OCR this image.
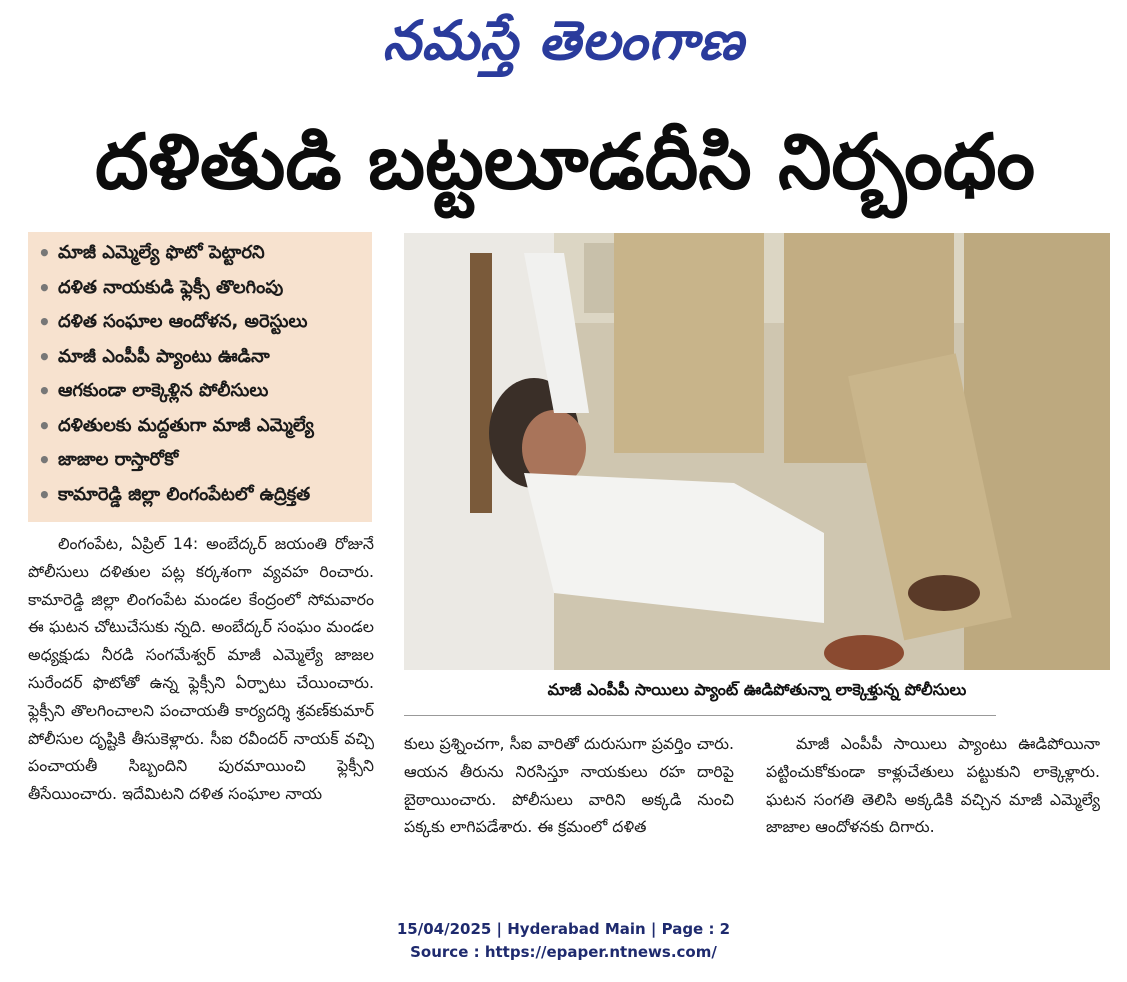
నమస్తే తెలంగాణ
దళితుడి బట్టలూడదీసి నిర్బంధం
• మాజీ ఎమ్మెల్యే ఫొటో పెట్టారని
• దళిత నాయకుడి ఫ్లెక్సీ తొలగింపు
• దళిత సంఘాల ఆందోళన, అరెస్టులు
• మాజీ ఎంపీపీ ప్యాంటు ఊడినా
• ఆగకుండా లాక్కెళ్లిన పోలీసులు
• దళితులకు మద్దతుగా మాజీ ఎమ్మెల్యే
• జాజాల రాస్తారోకో
• కామారెడ్డి జిల్లా లింగంపేటలో ఉద్రిక్తత
మాజీ ఎంపీపీ సాయిలు ప్యాంట్ ఊడిపోతున్నా లాక్కెళ్తున్న పోలీసులు
లింగంపేట, ఏప్రిల్ 14: అంబేద్కర్ జయంతి రోజునే పోలీసులు దళితుల పట్ల కర్కశంగా వ్యవహ రించారు. కామారెడ్డి జిల్లా లింగంపేట మండల కేంద్రంలో సోమవారం ఈ ఘటన చోటుచేసుకు న్నది. అంబేద్కర్ సంఘం మండల అధ్యక్షుడు నీరడి సంగమేశ్వర్ మాజీ ఎమ్మెల్యే జాజల సురేందర్ ఫొటోతో ఉన్న ఫ్లెక్సీని ఏర్పాటు చేయించారు. ఫ్లెక్సీని తొలగించాలని పంచాయతీ కార్యదర్శి శ్రవణ్‌కుమార్ పోలీసుల దృష్టికి తీసుకెళ్లారు. సీఐ రవీందర్ నాయక్ వచ్చి పంచాయతీ సిబ్బందిని పురమాయించి ఫ్లెక్సీని తీసేయించారు. ఇదేమిటని దళిత సంఘాల నాయ
కులు ప్రశ్నించగా, సీఐ వారితో దురుసుగా ప్రవర్తిం చారు. ఆయన తీరును నిరసిస్తూ నాయకులు రహ దారిపై బైఠాయించారు. పోలీసులు వారిని అక్కడి నుంచి పక్కకు లాగిపడేశారు. ఈ క్రమంలో దళిత
మాజీ ఎంపీపీ సాయిలు ప్యాంటు ఊడిపోయినా పట్టించుకోకుండా కాళ్లుచేతులు పట్టుకుని లాక్కెళ్లారు. ఘటన సంగతి తెలిసి అక్కడికి వచ్చిన మాజీ ఎమ్మెల్యే జాజాల ఆందోళనకు దిగారు.
15/04/2025 | Hyderabad Main | Page : 2
Source : https://epaper.ntnews.com/
